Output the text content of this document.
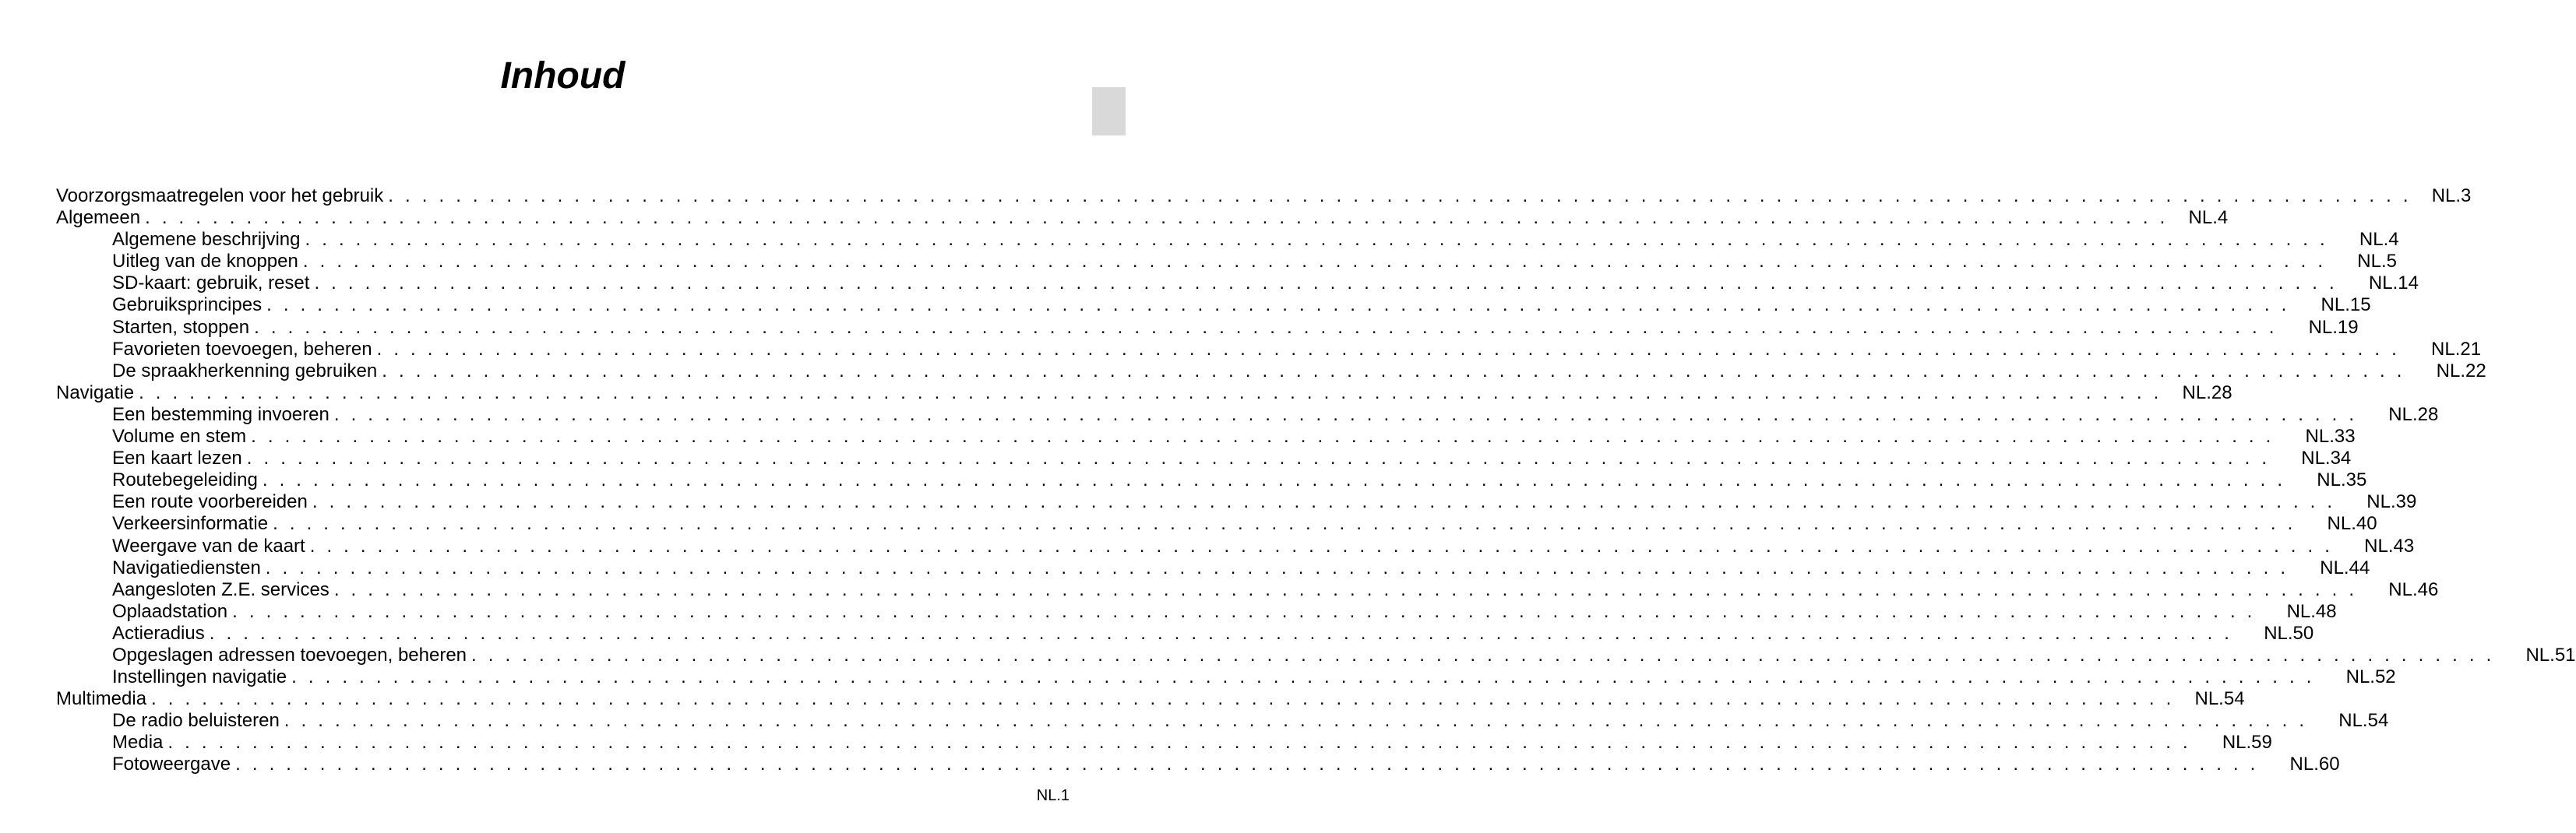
Inhoud
Voorzorgsmaatregelen voor het gebruik . . . . . . . . . . . . . . . . . . . . . . . . . . . . . . . . . . . . . . . . . . . . . . . . . . . . . . . . . . . . . . . . . . . . . . . . . . . . . . . . . . . . . . . . . . . . . . . . . . . . . . . . . . . . . . . . . . . . . . . . NL.3
Algemeen . . . . . . . . . . . . . . . . . . . . . . . . . . . . . . . . . . . . . . . . . . . . . . . . . . . . . . . . . . . . . . . . . . . . . . . . . . . . . . . . . . . . . . . . . . . . . . . . . . . . . . . . . . . . . . . . . . . . . . . . NL.4
Algemene beschrijving . . . . . . . . . . . . . . . . . . . . . . . . . . . . . . . . . . . . . . . . . . . . . . . . . . . . . . . . . . . . . . . . . . . . . . . . . . . . . . . . . . . . . . . . . . . . . . . . . . . . . . . . . . . . . . . . . . . . . . . . NL.4
Uitleg van de knoppen . . . . . . . . . . . . . . . . . . . . . . . . . . . . . . . . . . . . . . . . . . . . . . . . . . . . . . . . . . . . . . . . . . . . . . . . . . . . . . . . . . . . . . . . . . . . . . . . . . . . . . . . . . . . . . . . . . . . . . . . NL.5
SD-kaart: gebruik, reset . . . . . . . . . . . . . . . . . . . . . . . . . . . . . . . . . . . . . . . . . . . . . . . . . . . . . . . . . . . . . . . . . . . . . . . . . . . . . . . . . . . . . . . . . . . . . . . . . . . . . . . . . . . . . . . . . . . . . . . . NL.14
Gebruiksprincipes . . . . . . . . . . . . . . . . . . . . . . . . . . . . . . . . . . . . . . . . . . . . . . . . . . . . . . . . . . . . . . . . . . . . . . . . . . . . . . . . . . . . . . . . . . . . . . . . . . . . . . . . . . . . . . . . . . . . . . . . NL.15
Starten, stoppen . . . . . . . . . . . . . . . . . . . . . . . . . . . . . . . . . . . . . . . . . . . . . . . . . . . . . . . . . . . . . . . . . . . . . . . . . . . . . . . . . . . . . . . . . . . . . . . . . . . . . . . . . . . . . . . . . . . . . . . . NL.19
Favorieten toevoegen, beheren . . . . . . . . . . . . . . . . . . . . . . . . . . . . . . . . . . . . . . . . . . . . . . . . . . . . . . . . . . . . . . . . . . . . . . . . . . . . . . . . . . . . . . . . . . . . . . . . . . . . . . . . . . . . . . . . . . . . . . . . NL.21
De spraakherkenning gebruiken . . . . . . . . . . . . . . . . . . . . . . . . . . . . . . . . . . . . . . . . . . . . . . . . . . . . . . . . . . . . . . . . . . . . . . . . . . . . . . . . . . . . . . . . . . . . . . . . . . . . . . . . . . . . . . . . . . . . . . . . NL.22
Navigatie . . . . . . . . . . . . . . . . . . . . . . . . . . . . . . . . . . . . . . . . . . . . . . . . . . . . . . . . . . . . . . . . . . . . . . . . . . . . . . . . . . . . . . . . . . . . . . . . . . . . . . . . . . . . . . . . . . . . . . . . NL.28
Een bestemming invoeren . . . . . . . . . . . . . . . . . . . . . . . . . . . . . . . . . . . . . . . . . . . . . . . . . . . . . . . . . . . . . . . . . . . . . . . . . . . . . . . . . . . . . . . . . . . . . . . . . . . . . . . . . . . . . . . . . . . . . . . . NL.28
Volume en stem . . . . . . . . . . . . . . . . . . . . . . . . . . . . . . . . . . . . . . . . . . . . . . . . . . . . . . . . . . . . . . . . . . . . . . . . . . . . . . . . . . . . . . . . . . . . . . . . . . . . . . . . . . . . . . . . . . . . . . . . NL.33
Een kaart lezen . . . . . . . . . . . . . . . . . . . . . . . . . . . . . . . . . . . . . . . . . . . . . . . . . . . . . . . . . . . . . . . . . . . . . . . . . . . . . . . . . . . . . . . . . . . . . . . . . . . . . . . . . . . . . . . . . . . . . . . . NL.34
Routebegeleiding . . . . . . . . . . . . . . . . . . . . . . . . . . . . . . . . . . . . . . . . . . . . . . . . . . . . . . . . . . . . . . . . . . . . . . . . . . . . . . . . . . . . . . . . . . . . . . . . . . . . . . . . . . . . . . . . . . . . . . . . NL.35
Een route voorbereiden . . . . . . . . . . . . . . . . . . . . . . . . . . . . . . . . . . . . . . . . . . . . . . . . . . . . . . . . . . . . . . . . . . . . . . . . . . . . . . . . . . . . . . . . . . . . . . . . . . . . . . . . . . . . . . . . . . . . . . . . NL.39
Verkeersinformatie . . . . . . . . . . . . . . . . . . . . . . . . . . . . . . . . . . . . . . . . . . . . . . . . . . . . . . . . . . . . . . . . . . . . . . . . . . . . . . . . . . . . . . . . . . . . . . . . . . . . . . . . . . . . . . . . . . . . . . . . NL.40
Weergave van de kaart . . . . . . . . . . . . . . . . . . . . . . . . . . . . . . . . . . . . . . . . . . . . . . . . . . . . . . . . . . . . . . . . . . . . . . . . . . . . . . . . . . . . . . . . . . . . . . . . . . . . . . . . . . . . . . . . . . . . . . . . NL.43
Navigatiediensten . . . . . . . . . . . . . . . . . . . . . . . . . . . . . . . . . . . . . . . . . . . . . . . . . . . . . . . . . . . . . . . . . . . . . . . . . . . . . . . . . . . . . . . . . . . . . . . . . . . . . . . . . . . . . . . . . . . . . . . . NL.44
Aangesloten Z.E. services . . . . . . . . . . . . . . . . . . . . . . . . . . . . . . . . . . . . . . . . . . . . . . . . . . . . . . . . . . . . . . . . . . . . . . . . . . . . . . . . . . . . . . . . . . . . . . . . . . . . . . . . . . . . . . . . . . . . . . . . NL.46
Oplaadstation . . . . . . . . . . . . . . . . . . . . . . . . . . . . . . . . . . . . . . . . . . . . . . . . . . . . . . . . . . . . . . . . . . . . . . . . . . . . . . . . . . . . . . . . . . . . . . . . . . . . . . . . . . . . . . . . . . . . . . . . NL.48
Actieradius . . . . . . . . . . . . . . . . . . . . . . . . . . . . . . . . . . . . . . . . . . . . . . . . . . . . . . . . . . . . . . . . . . . . . . . . . . . . . . . . . . . . . . . . . . . . . . . . . . . . . . . . . . . . . . . . . . . . . . . . NL.50
Opgeslagen adressen toevoegen, beheren . . . . . . . . . . . . . . . . . . . . . . . . . . . . . . . . . . . . . . . . . . . . . . . . . . . . . . . . . . . . . . . . . . . . . . . . . . . . . . . . . . . . . . . . . . . . . . . . . . . . . . . . . . . . . . . . . . . . . . . . NL.51
Instellingen navigatie . . . . . . . . . . . . . . . . . . . . . . . . . . . . . . . . . . . . . . . . . . . . . . . . . . . . . . . . . . . . . . . . . . . . . . . . . . . . . . . . . . . . . . . . . . . . . . . . . . . . . . . . . . . . . . . . . . . . . . . . NL.52
Multimedia . . . . . . . . . . . . . . . . . . . . . . . . . . . . . . . . . . . . . . . . . . . . . . . . . . . . . . . . . . . . . . . . . . . . . . . . . . . . . . . . . . . . . . . . . . . . . . . . . . . . . . . . . . . . . . . . . . . . . . . . NL.54
De radio beluisteren . . . . . . . . . . . . . . . . . . . . . . . . . . . . . . . . . . . . . . . . . . . . . . . . . . . . . . . . . . . . . . . . . . . . . . . . . . . . . . . . . . . . . . . . . . . . . . . . . . . . . . . . . . . . . . . . . . . . . . . . NL.54
Media . . . . . . . . . . . . . . . . . . . . . . . . . . . . . . . . . . . . . . . . . . . . . . . . . . . . . . . . . . . . . . . . . . . . . . . . . . . . . . . . . . . . . . . . . . . . . . . . . . . . . . . . . . . . . . . . . . . . . . . . NL.59
Fotoweergave . . . . . . . . . . . . . . . . . . . . . . . . . . . . . . . . . . . . . . . . . . . . . . . . . . . . . . . . . . . . . . . . . . . . . . . . . . . . . . . . . . . . . . . . . . . . . . . . . . . . . . . . . . . . . . . . . . . . . . . . NL.60
NL.1
